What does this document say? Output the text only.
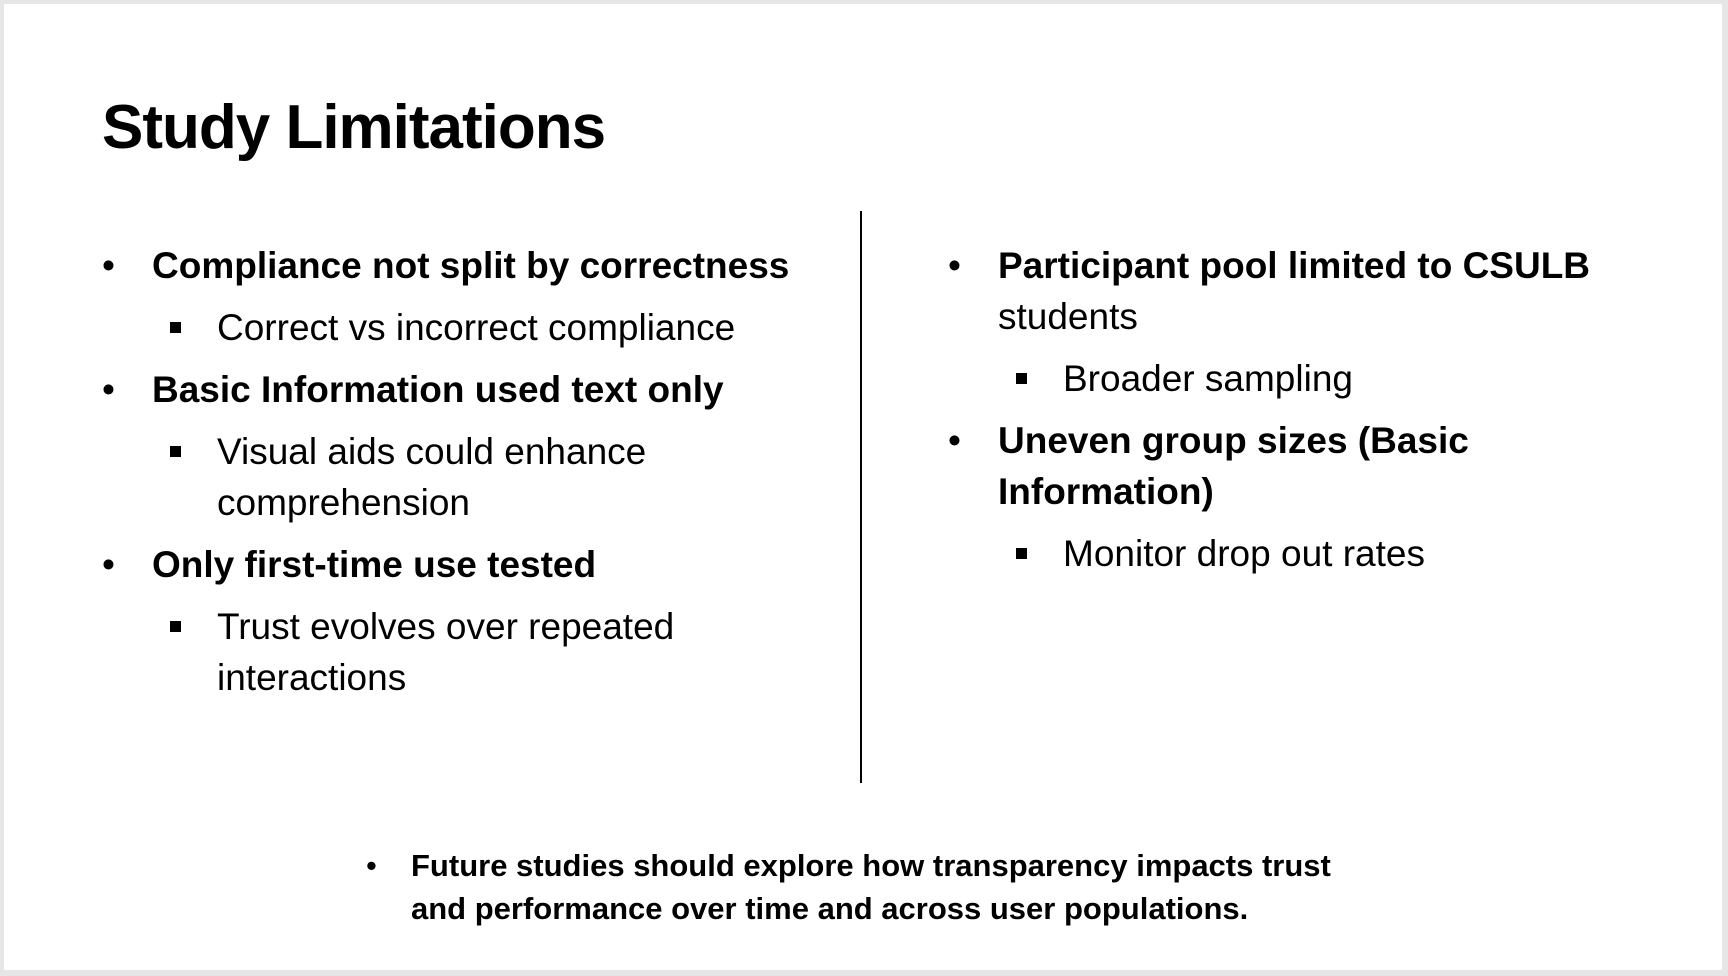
Study Limitations
• Compliance not split by correctness
Correct vs incorrect compliance
• Basic Information used text only
Visual aids could enhance
comprehension
• Only first-time use tested
Trust evolves over repeated
interactions
• Participant pool limited to CSULB
students
Broader sampling
• Uneven group sizes (Basic
Information)
Monitor drop out rates
• Future studies should explore how transparency impacts trust
and performance over time and across user populations.
